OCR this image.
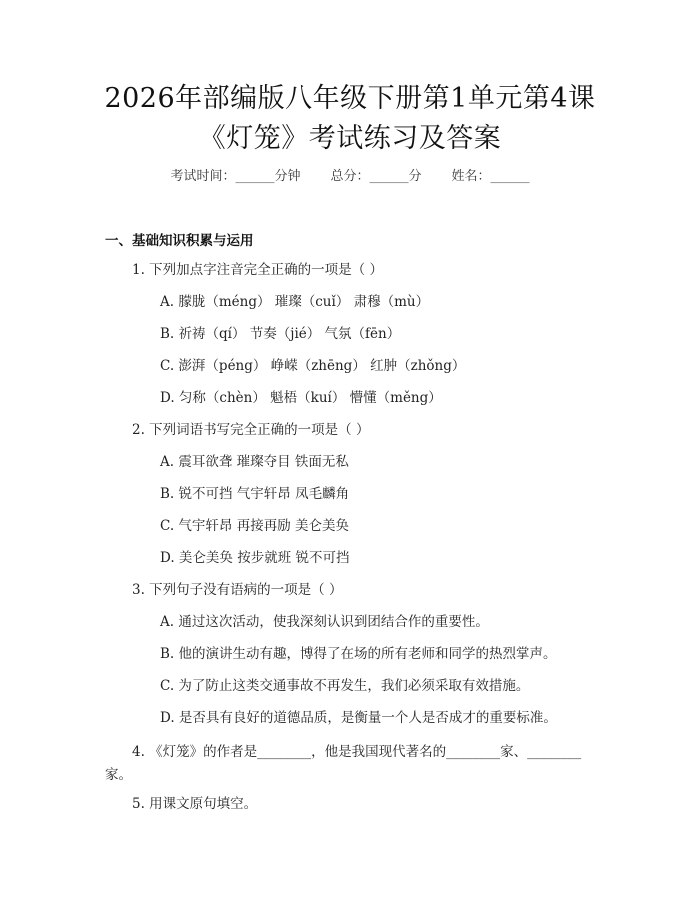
2026年部编版八年级下册第1单元第4课
《灯笼》考试练习及答案
考试时间：______分钟 总分：______分 姓名：______
一、基础知识积累与运用
1. 下列加点字注音完全正确的一项是（ ）
A. 朦胧（méng） 璀璨（cuǐ） 肃穆（mù）
B. 祈祷（qí） 节奏（jié） 气氛（fēn）
C. 澎湃（péng） 峥嵘（zhēng） 红肿（zhǒng）
D. 匀称（chèn） 魁梧（kuí） 懵懂（měng）
2. 下列词语书写完全正确的一项是（ ）
A. 震耳欲聋 璀璨夺目 铁面无私
B. 锐不可挡 气宇轩昂 凤毛麟角
C. 气宇轩昂 再接再励 美仑美奂
D. 美仑美奂 按步就班 锐不可挡
3. 下列句子没有语病的一项是（ ）
A. 通过这次活动，使我深刻认识到团结合作的重要性。
B. 他的演讲生动有趣，博得了在场的所有老师和同学的热烈掌声。
C. 为了防止这类交通事故不再发生，我们必须采取有效措施。
D. 是否具有良好的道德品质，是衡量一个人是否成才的重要标准。
4. 《灯笼》的作者是________，他是我国现代著名的________家、________家。
5. 用课文原句填空。
